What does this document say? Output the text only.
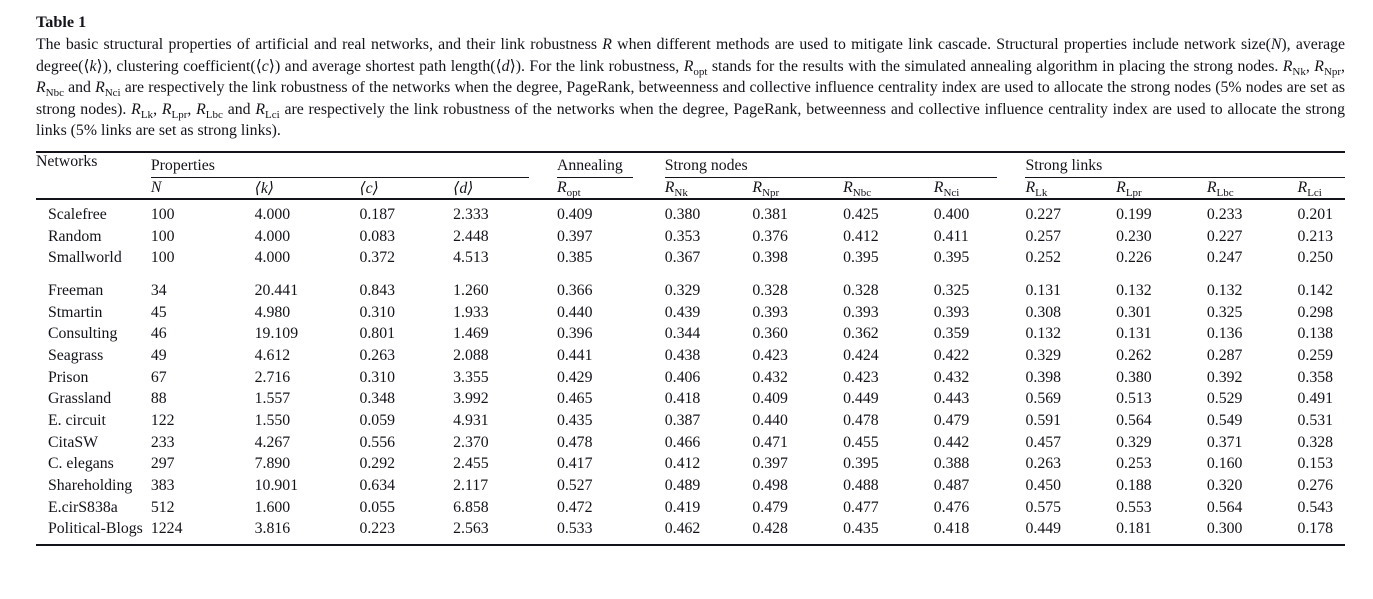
Table 1

The basic structural properties of artificial and real networks, and their link robustness R when different methods are used to mitigate link cascade. Structural properties include network size(N), average degree(⟨k⟩), clustering coefficient(⟨c⟩) and average shortest path length(⟨d⟩). For the link robustness, $R_{opt}$ stands for the results with the simulated annealing algorithm in placing the strong nodes. $R_{Nk}$, $R_{Npr}$, $R_{Nbc}$ and $R_{Nci}$ are respectively the link robustness of the networks when the degree, PageRank, betweenness and collective influence centrality index are used to allocate the strong nodes (5% nodes are set as strong nodes). $R_{Lk}$, $R_{Lpr}$, $R_{Lbc}$ and $R_{Lci}$ are respectively the link robustness of the networks when the degree, PageRank, betweenness and collective influence centrality index are used to allocate the strong links (5% links are set as strong links).

Networks	Properties				Annealing	Strong nodes				Strong links			

	N	⟨k⟩	⟨c⟩	⟨d⟩	$R_{opt}$	$R_{Nk}$	$R_{Npr}$	$R_{Nbc}$	$R_{Nci}$	$R_{Lk}$	$R_{Lpr}$	$R_{Lbc}$	$R_{Lci}$
Scalefree	100	4.000	0.187	2.333	0.409	0.380	0.381	0.425	0.400	0.227	0.199	0.233	0.201
Random	100	4.000	0.083	2.448	0.397	0.353	0.376	0.412	0.411	0.257	0.230	0.227	0.213
Smallworld	100	4.000	0.372	4.513	0.385	0.367	0.398	0.395	0.395	0.252	0.226	0.247	0.250
Freeman	34	20.441	0.843	1.260	0.366	0.329	0.328	0.328	0.325	0.131	0.132	0.132	0.142
Stmartin	45	4.980	0.310	1.933	0.440	0.439	0.393	0.393	0.393	0.308	0.301	0.325	0.298
Consulting	46	19.109	0.801	1.469	0.396	0.344	0.360	0.362	0.359	0.132	0.131	0.136	0.138
Seagrass	49	4.612	0.263	2.088	0.441	0.438	0.423	0.424	0.422	0.329	0.262	0.287	0.259
Prison	67	2.716	0.310	3.355	0.429	0.406	0.432	0.423	0.432	0.398	0.380	0.392	0.358
Grassland	88	1.557	0.348	3.992	0.465	0.418	0.409	0.449	0.443	0.569	0.513	0.529	0.491
E. circuit	122	1.550	0.059	4.931	0.435	0.387	0.440	0.478	0.479	0.591	0.564	0.549	0.531
CitaSW	233	4.267	0.556	2.370	0.478	0.466	0.471	0.455	0.442	0.457	0.329	0.371	0.328
C. elegans	297	7.890	0.292	2.455	0.417	0.412	0.397	0.395	0.388	0.263	0.253	0.160	0.153
Shareholding	383	10.901	0.634	2.117	0.527	0.489	0.498	0.488	0.487	0.450	0.188	0.320	0.276
E.cirS838a	512	1.600	0.055	6.858	0.472	0.419	0.479	0.477	0.476	0.575	0.553	0.564	0.543
Political-Blogs	1224	3.816	0.223	2.563	0.533	0.462	0.428	0.435	0.418	0.449	0.181	0.300	0.178
